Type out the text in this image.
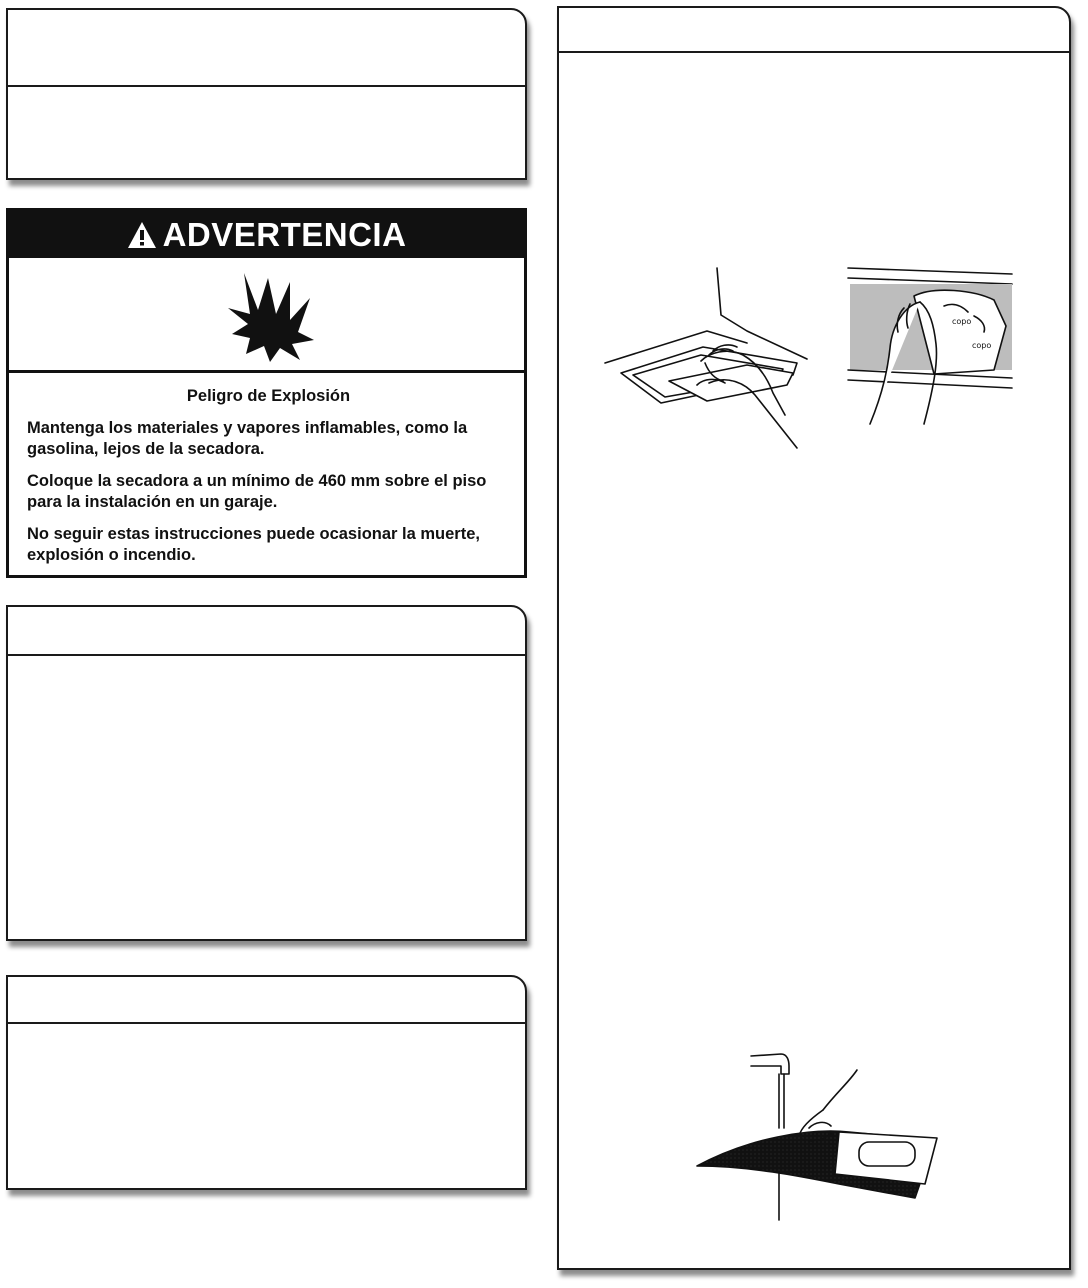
ADVERTENCIA
Peligro de Explosión

Mantenga los materiales y vapores inflamables, como la gasolina, lejos de la secadora.

Coloque la secadora a un mínimo de 460 mm sobre el piso para la instalación en un garaje.

No seguir estas instrucciones puede ocasionar la muerte, explosión o incendio.

copo
copo
